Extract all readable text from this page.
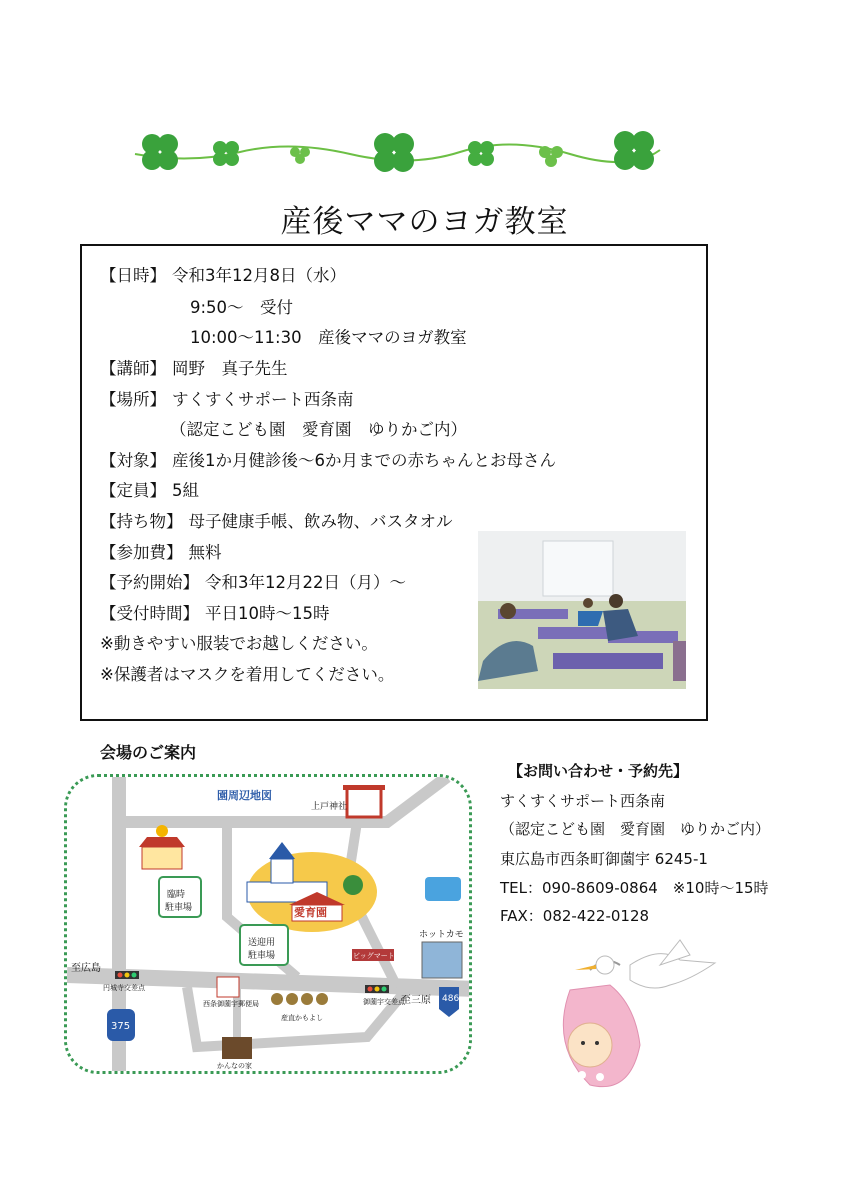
産後ママのヨガ教室
【日時】 令和3年12月8日（水）
9:50～　受付
10:00～11:30　産後ママのヨガ教室
【講師】 岡野　真子先生
【場所】 すくすくサポート西条南
（認定こども園　愛育園　ゆりかご内）
【対象】 産後1か月健診後～6か月までの赤ちゃんとお母さん
【定員】 5組
【持ち物】 母子健康手帳、飲み物、バスタオル
【参加費】 無料
【予約開始】 令和3年12月22日（月）～
【受付時間】 平日10時～15時
※動きやすい服装でお越しください。
※保護者はマスクを着用してください。
会場のご案内
園周辺地図
上戸神社
臨時
駐車場
送迎用
駐車場
愛育園
ホットカモ
至広島
至三原
円城寺交差点
御薗宇交差点
西条御薗宇郵便局
産直かもよし
かんなの家
375
486
ビッグマート
【お問い合わせ・予約先】
すくすくサポート西条南
（認定こども園　愛育園　ゆりかご内）
東広島市西条町御薗宇 6245-1
TEL：090-8609-0864　※10時～15時
FAX：082-422-0128
